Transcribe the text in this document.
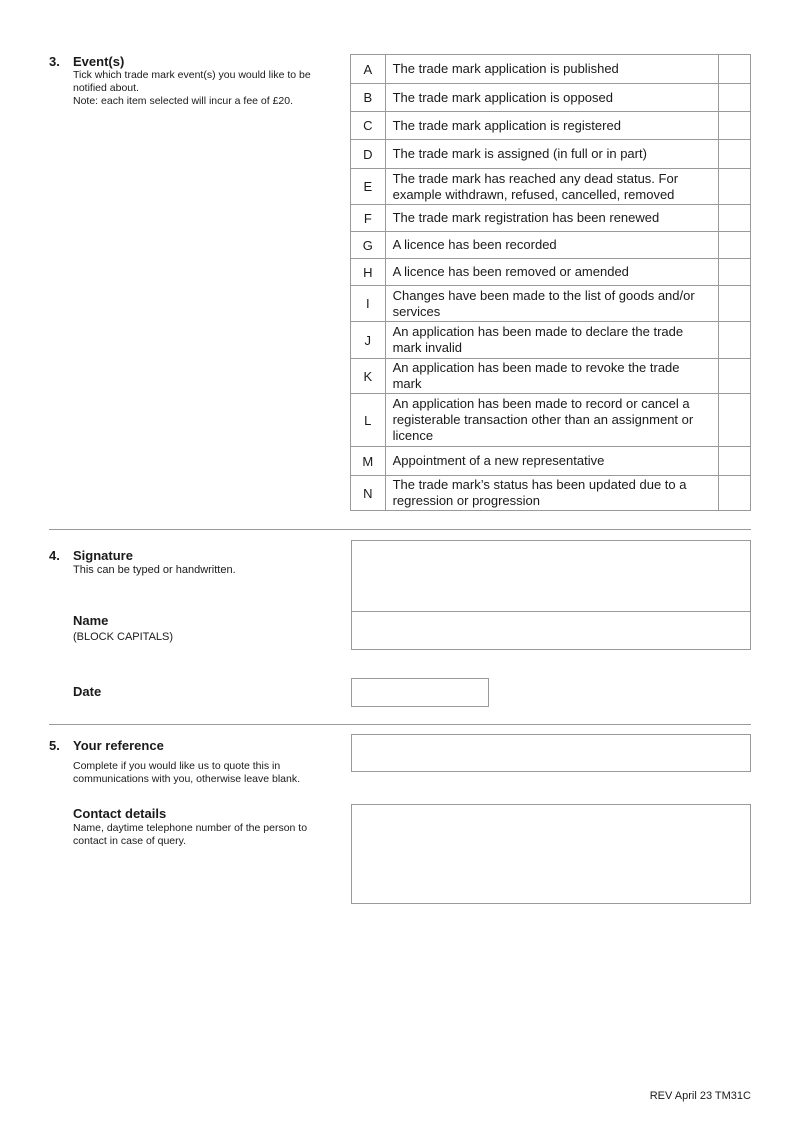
3. Event(s)
Tick which trade mark event(s) you would like to be notified about.
Note: each item selected will incur a fee of £20.
A	The trade mark application is published	
B	The trade mark application is opposed	
C	The trade mark application is registered	
D	The trade mark is assigned (in full or in part)	
E	The trade mark has reached any dead status. For example withdrawn, refused, cancelled, removed	
F	The trade mark registration has been renewed	
G	A licence has been recorded	
H	A licence has been removed or amended	
I	Changes have been made to the list of goods and/or services	
J	An application has been made to declare the trade mark invalid	
K	An application has been made to revoke the trade mark	
L	An application has been made to record or cancel a registerable transaction other than an assignment or licence	
M	Appointment of a new representative	
N	The trade mark’s status has been updated due to a regression or progression	
4. Signature
This can be typed or handwritten.
Name
(BLOCK CAPITALS)
Date
5. Your reference
Complete if you would like us to quote this in communications with you, otherwise leave blank.
Contact details
Name, daytime telephone number of the person to contact in case of query.
REV April 23 TM31C
